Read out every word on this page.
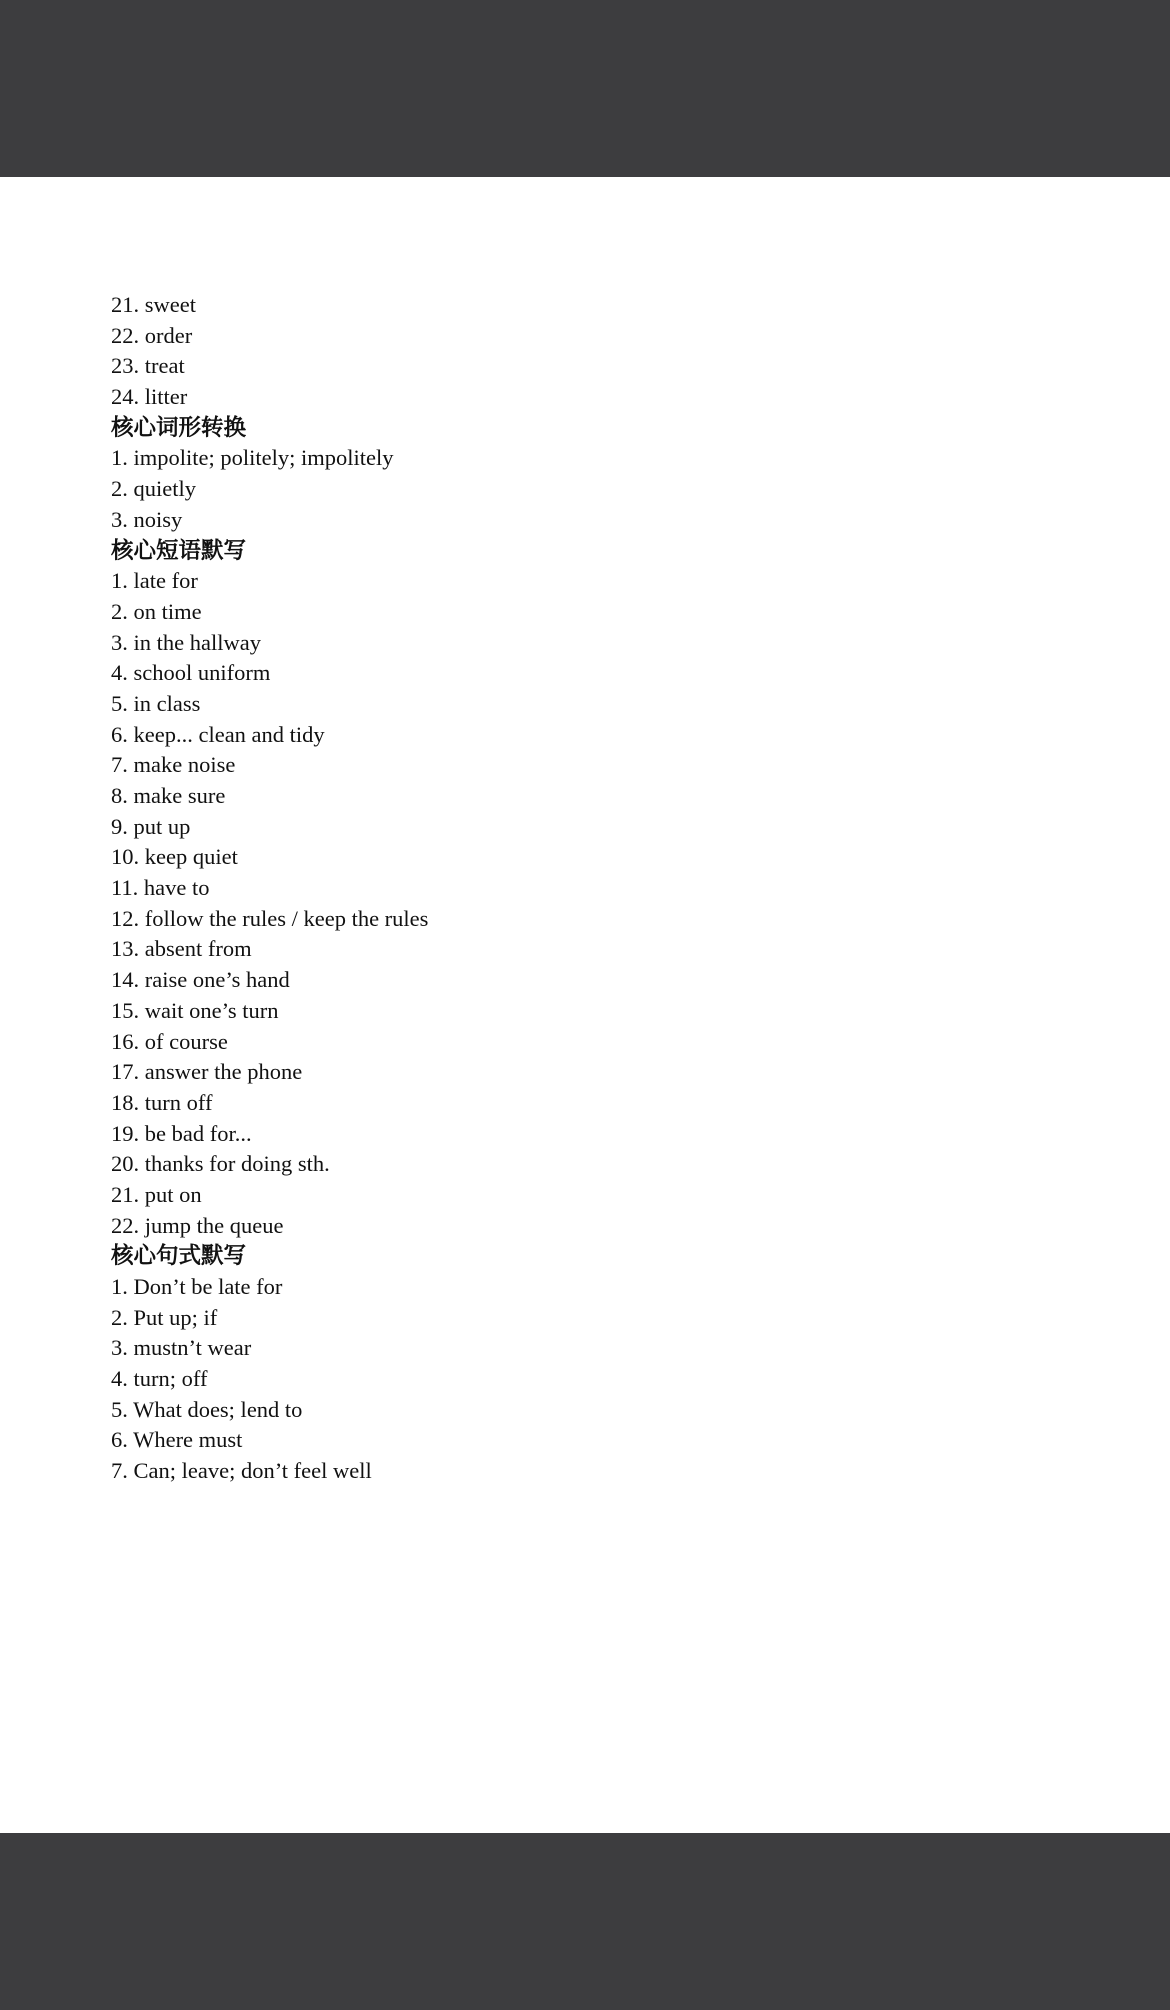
21. sweet
22. order
23. treat
24. litter
核心词形转换
1. impolite; politely; impolitely
2. quietly
3. noisy
核心短语默写
1. late for
2. on time
3. in the hallway
4. school uniform
5. in class
6. keep... clean and tidy
7. make noise
8. make sure
9. put up
10. keep quiet
11. have to
12. follow the rules / keep the rules
13. absent from
14. raise one’s hand
15. wait one’s turn
16. of course
17. answer the phone
18. turn off
19. be bad for...
20. thanks for doing sth.
21. put on
22. jump the queue
核心句式默写
1. Don’t be late for
2. Put up; if
3. mustn’t wear
4. turn; off
5. What does; lend to
6. Where must
7. Can; leave; don’t feel well
